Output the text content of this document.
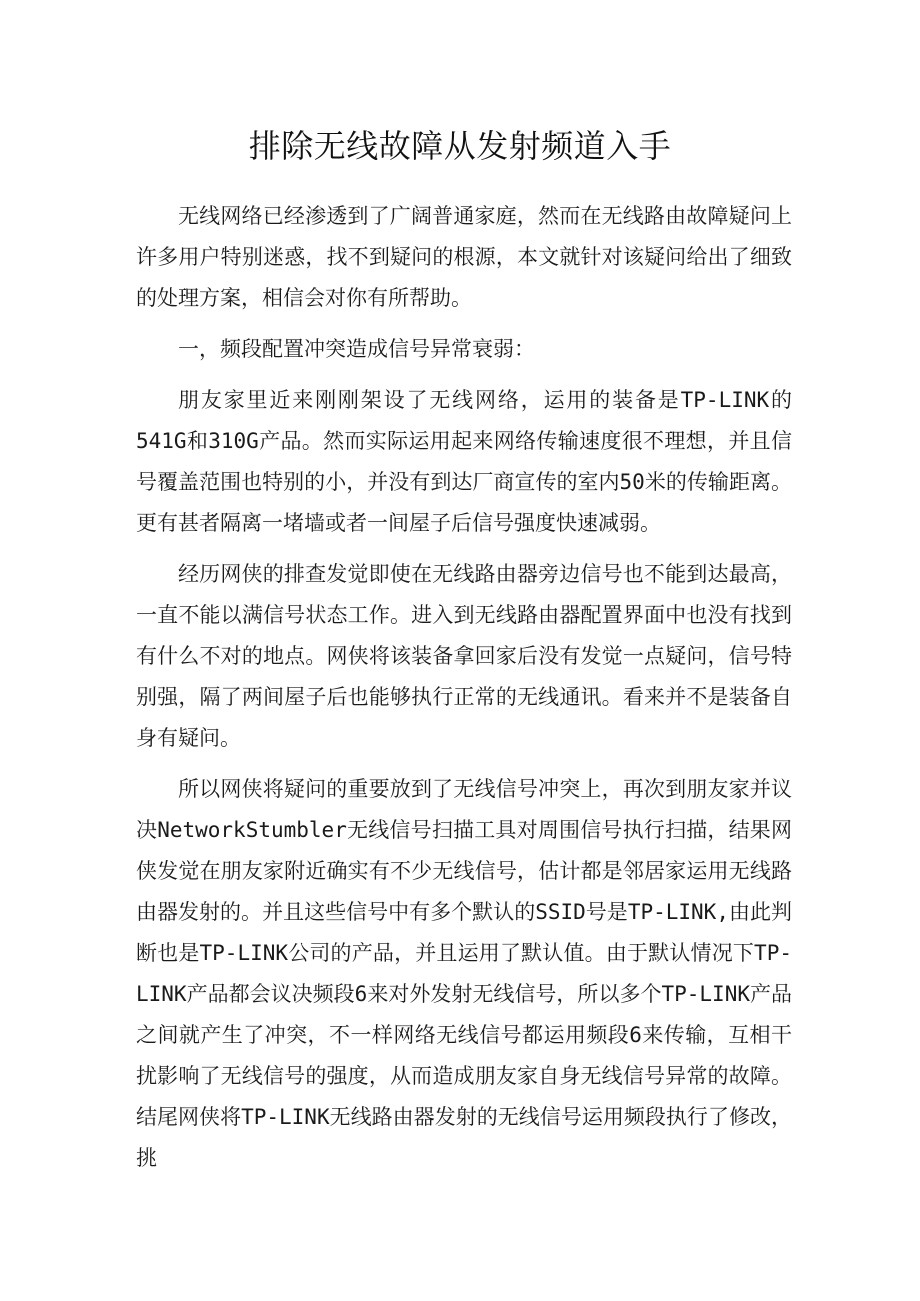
排除无线故障从发射频道入手

无线网络已经渗透到了广阔普通家庭，然而在无线路由故障疑问上许多用户特别迷惑，找不到疑问的根源，本文就针对该疑问给出了细致的处理方案，相信会对你有所帮助。

一，频段配置冲突造成信号异常衰弱：

朋友家里近来刚刚架设了无线网络，运用的装备是TP-LINK的541G和310G产品。然而实际运用起来网络传输速度很不理想，并且信号覆盖范围也特别的小，并没有到达厂商宣传的室内50米的传输距离。更有甚者隔离一堵墙或者一间屋子后信号强度快速减弱。

经历网侠的排查发觉即使在无线路由器旁边信号也不能到达最高，一直不能以满信号状态工作。进入到无线路由器配置界面中也没有找到有什么不对的地点。网侠将该装备拿回家后没有发觉一点疑问，信号特别强，隔了两间屋子后也能够执行正常的无线通讯。看来并不是装备自身有疑问。

所以网侠将疑问的重要放到了无线信号冲突上，再次到朋友家并议决NetworkStumbler无线信号扫描工具对周围信号执行扫描，结果网侠发觉在朋友家附近确实有不少无线信号，估计都是邻居家运用无线路由器发射的。并且这些信号中有多个默认的SSID号是TP-LINK,由此判断也是TP-LINK公司的产品，并且运用了默认值。由于默认情况下TP-LINK产品都会议决频段6来对外发射无线信号，所以多个TP-LINK产品之间就产生了冲突，不一样网络无线信号都运用频段6来传输，互相干扰影响了无线信号的强度，从而造成朋友家自身无线信号异常的故障。结尾网侠将TP-LINK无线路由器发射的无线信号运用频段执行了修改，挑
